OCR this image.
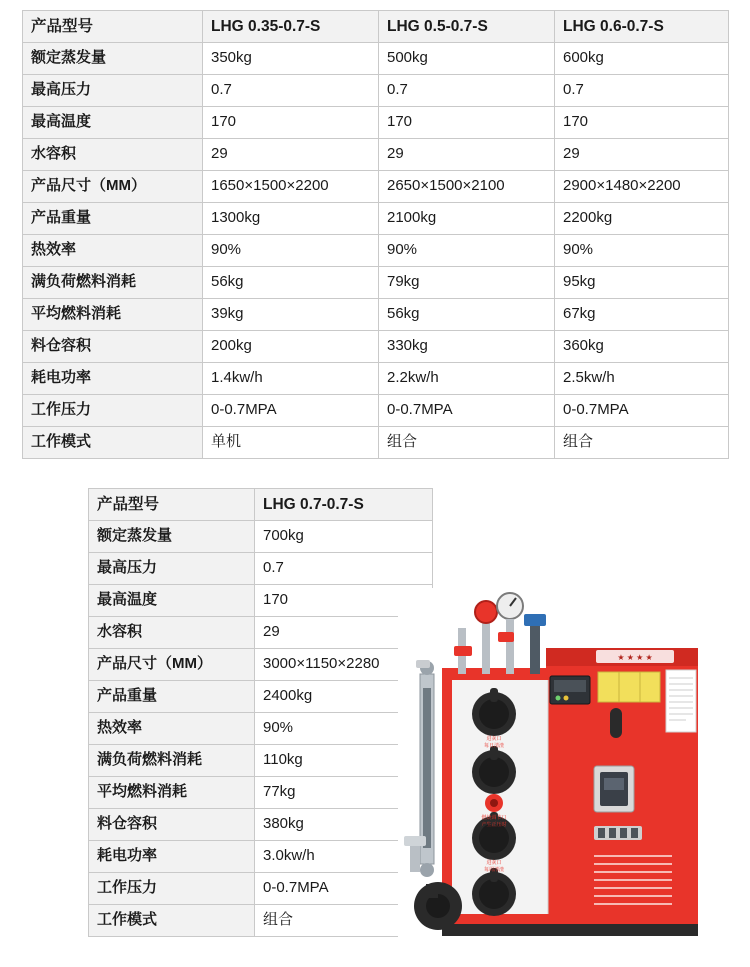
产品型号	LHG 0.35-0.7-S	LHG 0.5-0.7-S	LHG 0.6-0.7-S
额定蒸发量	350kg	500kg	600kg
最高压力	0.7	0.7	0.7
最高温度	170	170	170
水容积	29	29	29
产品尺寸（MM）	1650×1500×2200	2650×1500×2100	2900×1480×2200
产品重量	1300kg	2100kg	2200kg
热效率	90%	90%	90%
满负荷燃料消耗	56kg	79kg	95kg
平均燃料消耗	39kg	56kg	67kg
料仓容积	200kg	330kg	360kg
耗电功率	1.4kw/h	2.2kw/h	2.5kw/h
工作压力	0-0.7MPA	0-0.7MPA	0-0.7MPA
工作模式	单机	组合	组合
产品型号	LHG 0.7-0.7-S
额定蒸发量	700kg
最高压力	0.7
最高温度	170
水容积	29
产品尺寸（MM）	3000×1150×2280
产品重量	2400kg
热效率	90%
满负荷燃料消耗	110kg
平均燃料消耗	77kg
料仓容积	380kg
耗电功率	3.0kw/h
工作压力	0-0.7MPA
工作模式	组合
进灰口
每日清渣
燃烧调节口
产生正压时
进灰口
每周清渣
★ ★ ★ ★
